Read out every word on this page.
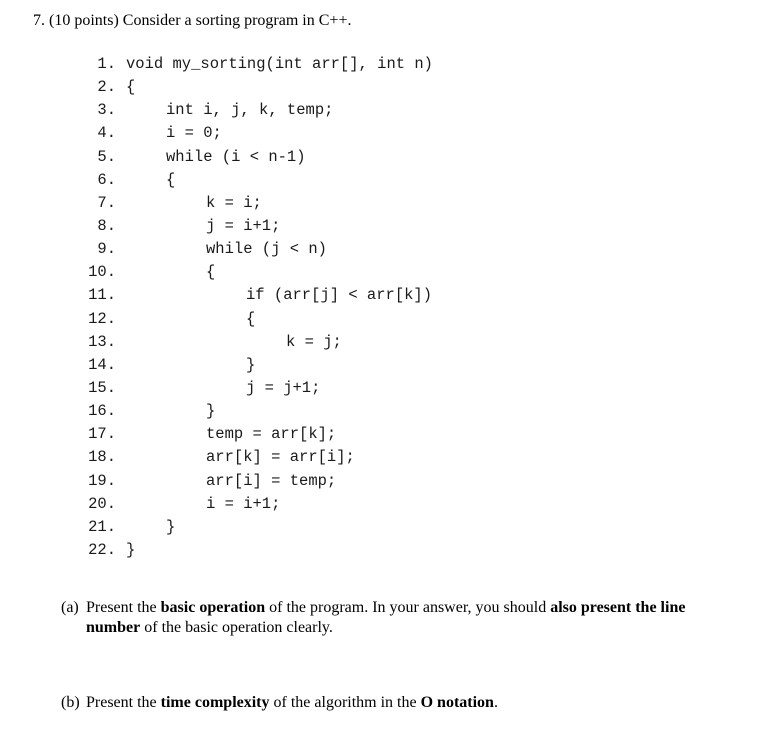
7. (10 points) Consider a sorting program in C++.
1. void my_sorting(int arr[], int n)
2. {
3.	int i, j, k, temp;
4.	i = 0;
5.	while (i < n-1)
6.	{
7.	k = i;
8.	j = i+1;
9.	while (j < n)
10.	{
11.	if (arr[j] < arr[k])
12.	{
13.	k = j;
14.	}
15.	j = j+1;
16.	}
17.	temp = arr[k];
18.	arr[k] = arr[i];
19.	arr[i] = temp;
20.	i = i+1;
21.	}
22. }
(a) Present the basic operation of the program. In your answer, you should also present the line number of the basic operation clearly.
(b) Present the time complexity of the algorithm in the O notation.
